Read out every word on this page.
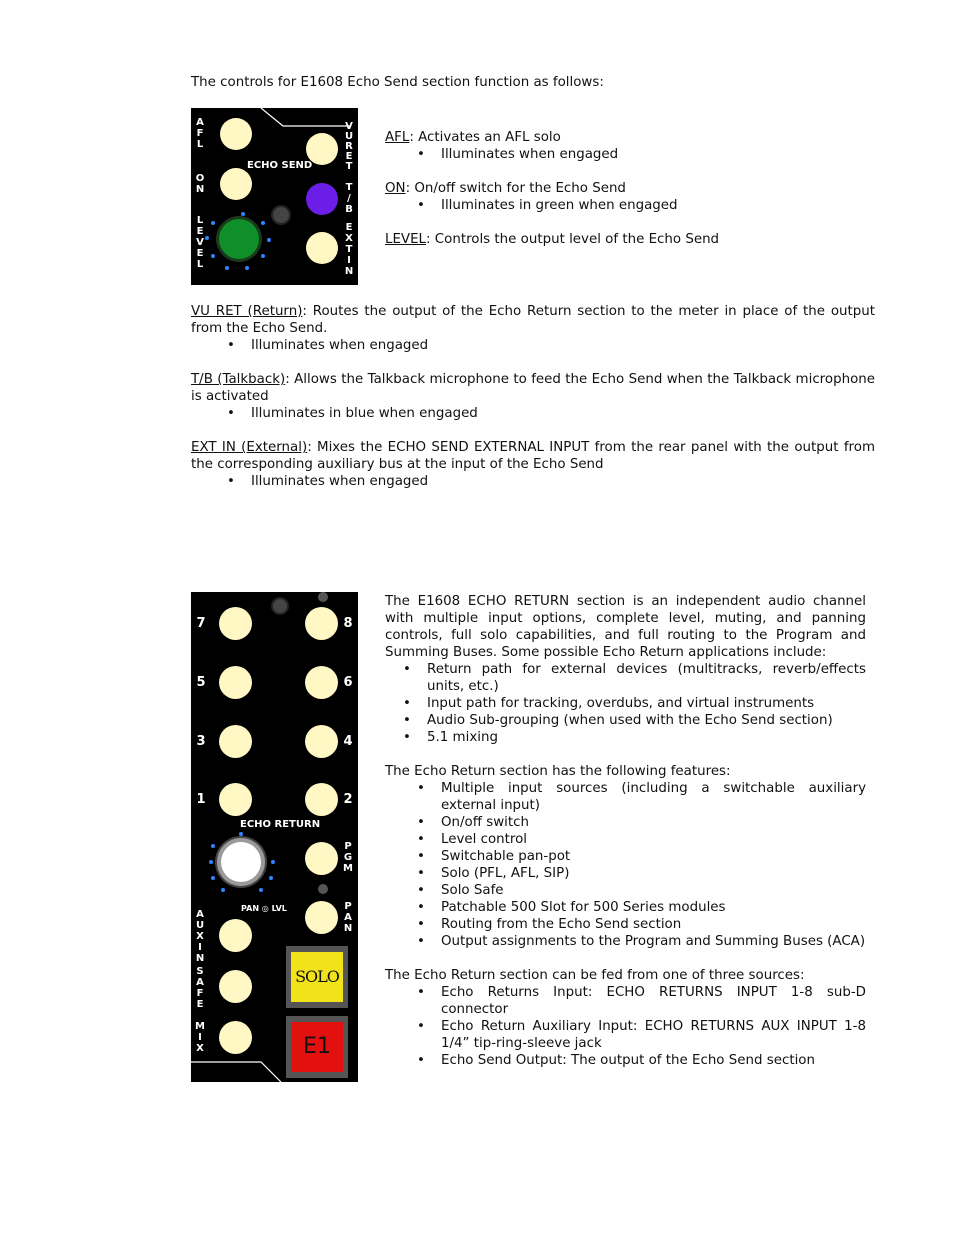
The controls for E1608 Echo Send section function as follows:

ECHO SEND
A
F
L
O
N
L
E
V
E
L
V
U
R
E
T
T
/
B
E
X
T
I
N

AFL: Activates an AFL solo

• Illuminates when engaged

ON: On/off switch for the Echo Send

• Illuminates in green when engaged

LEVEL: Controls the output level of the Echo Send

VU RET (Return): Routes the output of the Echo Return section to the meter in place of the output from the Echo Send.

• Illuminates when engaged

T/B (Talkback): Allows the Talkback microphone to feed the Echo Send when the Talkback microphone is activated

• Illuminates in blue when engaged

EXT IN (External): Mixes the ECHO SEND EXTERNAL INPUT from the rear panel with the output from the corresponding auxiliary bus at the input of the Echo Send

• Illuminates when engaged
7
5
3
1
8
6
4
2
ECHO RETURN
PAN ◎ LVL
P
G
M
P
A
N
A
U
X
I
N
S
A
F
E
M
I
X
SOLO
E1

The E1608 ECHO RETURN section is an independent audio channel with multiple input options, complete level, muting, and panning controls, full solo capabilities, and full routing to the Program and Summing Buses. Some possible Echo Return applications include:

• Return path for external devices (multitracks, reverb/effects units, etc.)
• Input path for tracking, overdubs, and virtual instruments
• Audio Sub-grouping (when used with the Echo Send section)
• 5.1 mixing

The Echo Return section has the following features:

• Multiple input sources (including a switchable auxiliary external input)
• On/off switch
• Level control
• Switchable pan-pot
• Solo (PFL, AFL, SIP)
• Solo Safe
• Patchable 500 Slot for 500 Series modules
• Routing from the Echo Send section
• Output assignments to the Program and Summing Buses (ACA)

The Echo Return section can be fed from one of three sources:

• Echo Returns Input: ECHO RETURNS INPUT 1-8 sub-D connector
• Echo Return Auxiliary Input: ECHO RETURNS AUX INPUT 1-8 1/4” tip-ring-sleeve jack
• Echo Send Output: The output of the Echo Send section
